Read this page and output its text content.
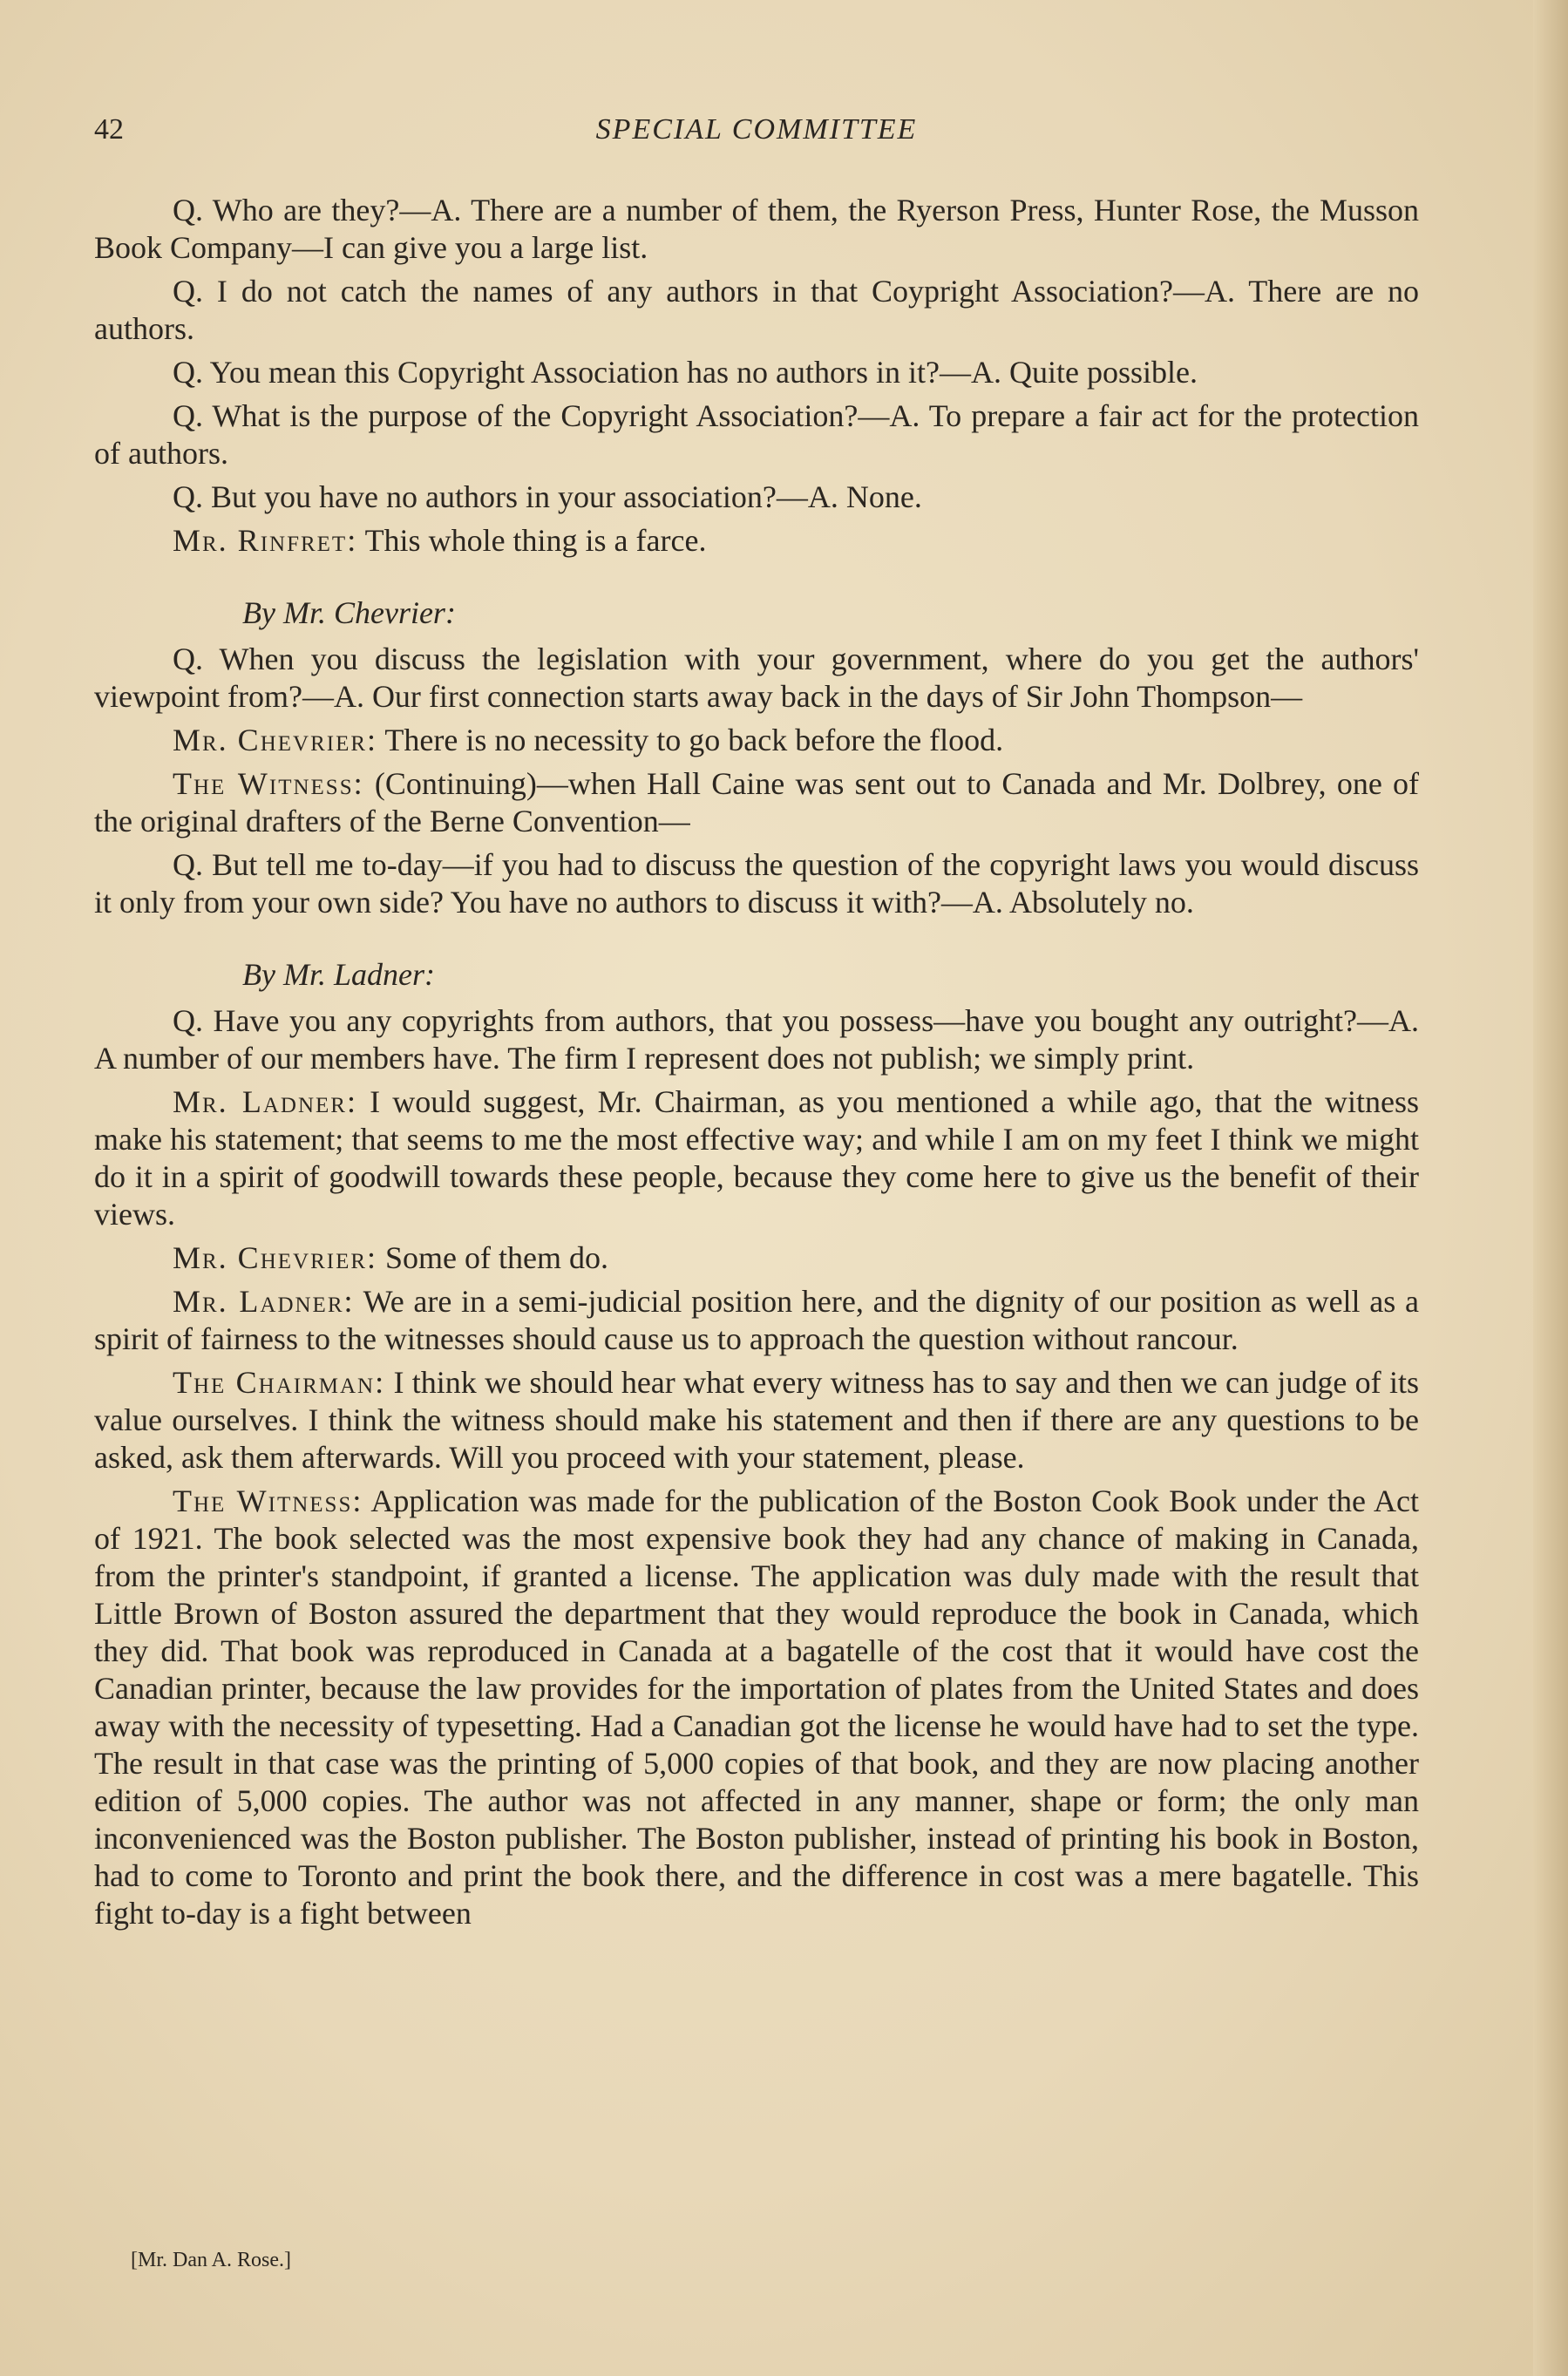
42	SPECIAL COMMITTEE

Q. Who are they?—A. There are a number of them, the Ryerson Press, Hunter Rose, the Musson Book Company—I can give you a large list.

Q. I do not catch the names of any authors in that Coypright Association?—A. There are no authors.

Q. You mean this Copyright Association has no authors in it?—A. Quite possible.

Q. What is the purpose of the Copyright Association?—A. To prepare a fair act for the protection of authors.

Q. But you have no authors in your association?—A. None.

Mr. Rinfret: This whole thing is a farce.

By Mr. Chevrier:

Q. When you discuss the legislation with your government, where do you get the authors' viewpoint from?—A. Our first connection starts away back in the days of Sir John Thompson—

Mr. Chevrier: There is no necessity to go back before the flood.

The Witness: (Continuing)—when Hall Caine was sent out to Canada and Mr. Dolbrey, one of the original drafters of the Berne Convention—

Q. But tell me to-day—if you had to discuss the question of the copyright laws you would discuss it only from your own side? You have no authors to discuss it with?—A. Absolutely no.

By Mr. Ladner:

Q. Have you any copyrights from authors, that you possess—have you bought any outright?—A. A number of our members have. The firm I represent does not publish; we simply print.

Mr. Ladner: I would suggest, Mr. Chairman, as you mentioned a while ago, that the witness make his statement; that seems to me the most effective way; and while I am on my feet I think we might do it in a spirit of goodwill towards these people, because they come here to give us the benefit of their views.

Mr. Chevrier: Some of them do.

Mr. Ladner: We are in a semi-judicial position here, and the dignity of our position as well as a spirit of fairness to the witnesses should cause us to approach the question without rancour.

The Chairman: I think we should hear what every witness has to say and then we can judge of its value ourselves. I think the witness should make his statement and then if there are any questions to be asked, ask them afterwards. Will you proceed with your statement, please.

The Witness: Application was made for the publication of the Boston Cook Book under the Act of 1921. The book selected was the most expensive book they had any chance of making in Canada, from the printer's standpoint, if granted a license. The application was duly made with the result that Little Brown of Boston assured the department that they would reproduce the book in Canada, which they did. That book was reproduced in Canada at a bagatelle of the cost that it would have cost the Canadian printer, because the law provides for the importation of plates from the United States and does away with the necessity of typesetting. Had a Canadian got the license he would have had to set the type. The result in that case was the printing of 5,000 copies of that book, and they are now placing another edition of 5,000 copies. The author was not affected in any manner, shape or form; the only man inconvenienced was the Boston publisher. The Boston publisher, instead of printing his book in Boston, had to come to Toronto and print the book there, and the difference in cost was a mere bagatelle. This fight to-day is a fight between

[Mr. Dan A. Rose.]
